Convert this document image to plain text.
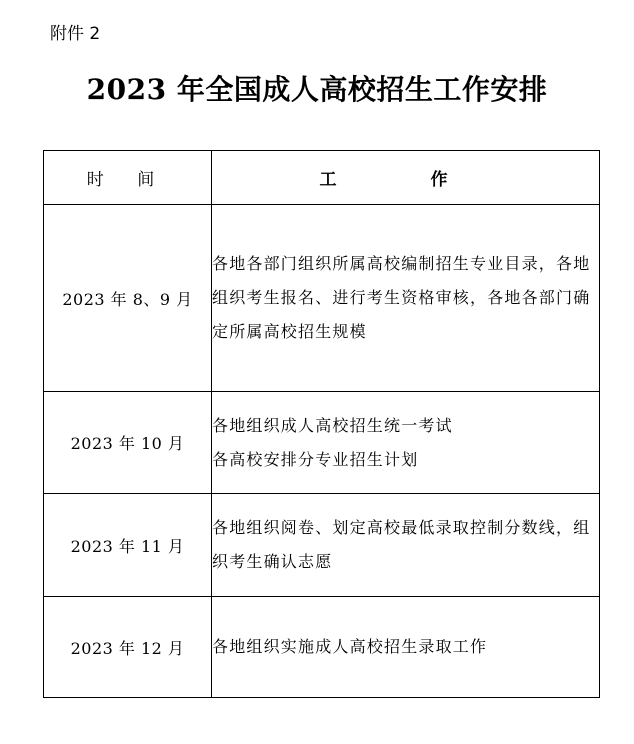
附件 2
2023 年全国成人高校招生工作安排
时 间	工 作
2023 年 8、9 月	各地各部门组织所属高校编制招生专业目录，各地组织考生报名、进行考生资格审核，各地各部门确定所属高校招生规模

2023 年 10 月	各地组织成人高校招生统一考试
各高校安排分专业招生计划

2023 年 11 月	各地组织阅卷、划定高校最低录取控制分数线，组织考生确认志愿

2023 年 12 月	各地组织实施成人高校招生录取工作
